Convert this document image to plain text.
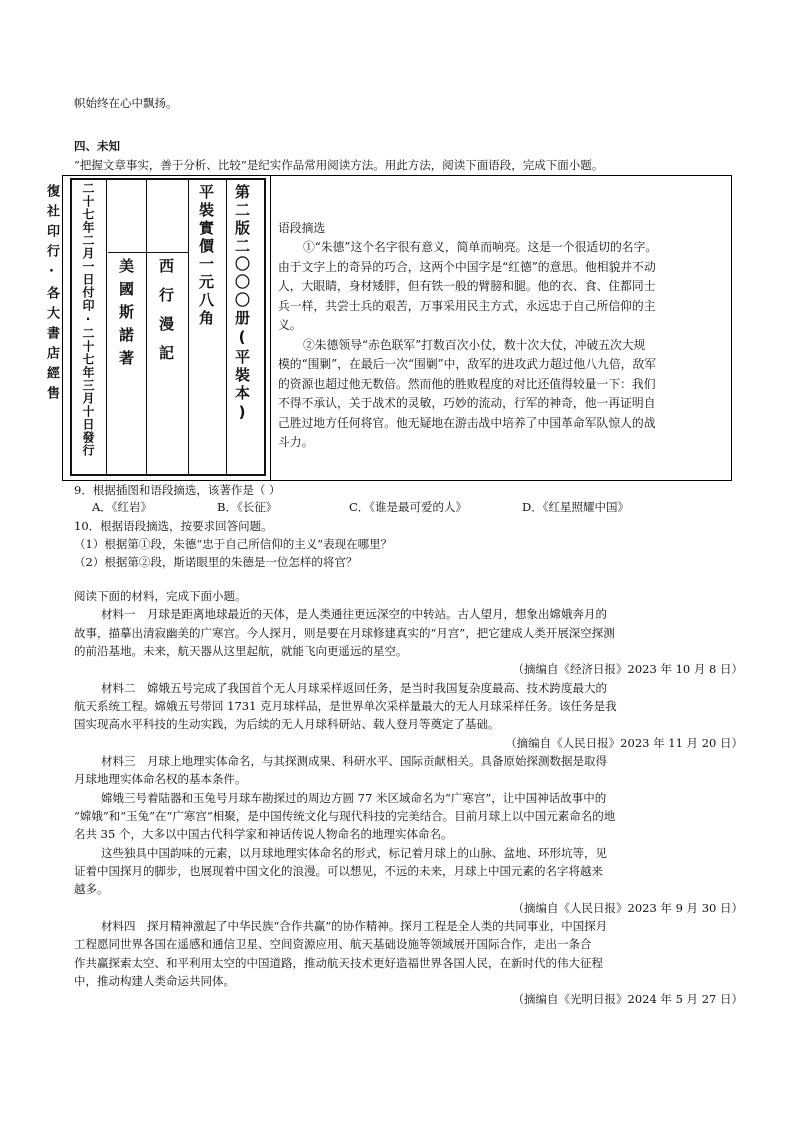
帜始终在心中飘扬。
四、未知
“把握文章事实，善于分析、比较”是纪实作品常用阅读方法。用此方法，阅读下面语段，完成下面小题。
第二版二〇〇〇册(平裝本)
平裝實價一元八角
西行漫記
美國斯諾著
二十七年二月一日付印·二十七年三月十日發行
復社印行·各大書店經售	语段摘选
①“朱德”这个名字很有意义，简单而响亮。这是一个很适切的名字。
由于文字上的奇异的巧合，这两个中国字是“红德”的意思。他相貌并不动
人，大眼睛，身材矮胖，但有铁一般的臂膀和腿。他的衣、食、住都同士
兵一样，共尝士兵的艰苦，万事采用民主方式，永远忠于自己所信仰的主
义。
②朱德领导“赤色联军”打数百次小仗，数十次大仗，冲破五次大规
模的“围剿”，在最后一次“围剿”中，敌军的进攻武力超过他八九倍，敌军
的资源也超过他无数倍。然而他的胜败程度的对比还值得较量一下：我们
不得不承认，关于战术的灵敏，巧妙的流动，行军的神奇，他一再证明自
己胜过地方任何将官。他无疑地在游击战中培养了中国革命军队惊人的战
斗力。
9．根据插图和语段摘选，该著作是（ ）
A．《红岩》	B．《长征》	C．《谁是最可爱的人》	D．《红星照耀中国》
10．根据语段摘选，按要求回答问题。
（1）根据第①段，朱德“忠于自己所信仰的主义”表现在哪里？
（2）根据第②段，斯诺眼里的朱德是一位怎样的将官？
阅读下面的材料，完成下面小题。
材料一　月球是距离地球最近的天体，是人类通往更远深空的中转站。古人望月，想象出嫦娥奔月的
故事，描摹出清寂幽美的广寒宫。今人探月，则是要在月球修建真实的“月宫”，把它建成人类开展深空探测
的前沿基地。未来，航天器从这里起航，就能飞向更遥远的星空。
（摘编自《经济日报》2023 年 10 月 8 日）
材料二　嫦娥五号完成了我国首个无人月球采样返回任务，是当时我国复杂度最高、技术跨度最大的
航天系统工程。嫦娥五号带回 1731 克月球样品，是世界单次采样量最大的无人月球采样任务。该任务是我
国实现高水平科技的生动实践，为后续的无人月球科研站、载人登月等奠定了基础。
（摘编自《人民日报》2023 年 11 月 20 日）
材料三　月球上地理实体命名，与其探测成果、科研水平、国际贡献相关。具备原始探测数据是取得
月球地理实体命名权的基本条件。
嫦娥三号着陆器和玉兔号月球车勘探过的周边方圆 77 米区域命名为“广寒宫”，让中国神话故事中的
“嫦娥”和“玉兔”在“广寒宫”相聚，是中国传统文化与现代科技的完美结合。目前月球上以中国元素命名的地
名共 35 个，大多以中国古代科学家和神话传说人物命名的地理实体命名。
这些独具中国韵味的元素，以月球地理实体命名的形式，标记着月球上的山脉、盆地、环形坑等，见
证着中国探月的脚步，也展现着中国文化的浪漫。可以想见，不远的未来，月球上中国元素的名字将越来
越多。
（摘编自《人民日报》2023 年 9 月 30 日）
材料四　探月精神激起了中华民族“合作共赢”的协作精神。探月工程是全人类的共同事业，中国探月
工程愿同世界各国在遥感和通信卫星、空间资源应用、航天基础设施等领域展开国际合作，走出一条合
作共赢探索太空、和平利用太空的中国道路，推动航天技术更好造福世界各国人民，在新时代的伟大征程
中，推动构建人类命运共同体。
（摘编自《光明日报》2024 年 5 月 27 日）
